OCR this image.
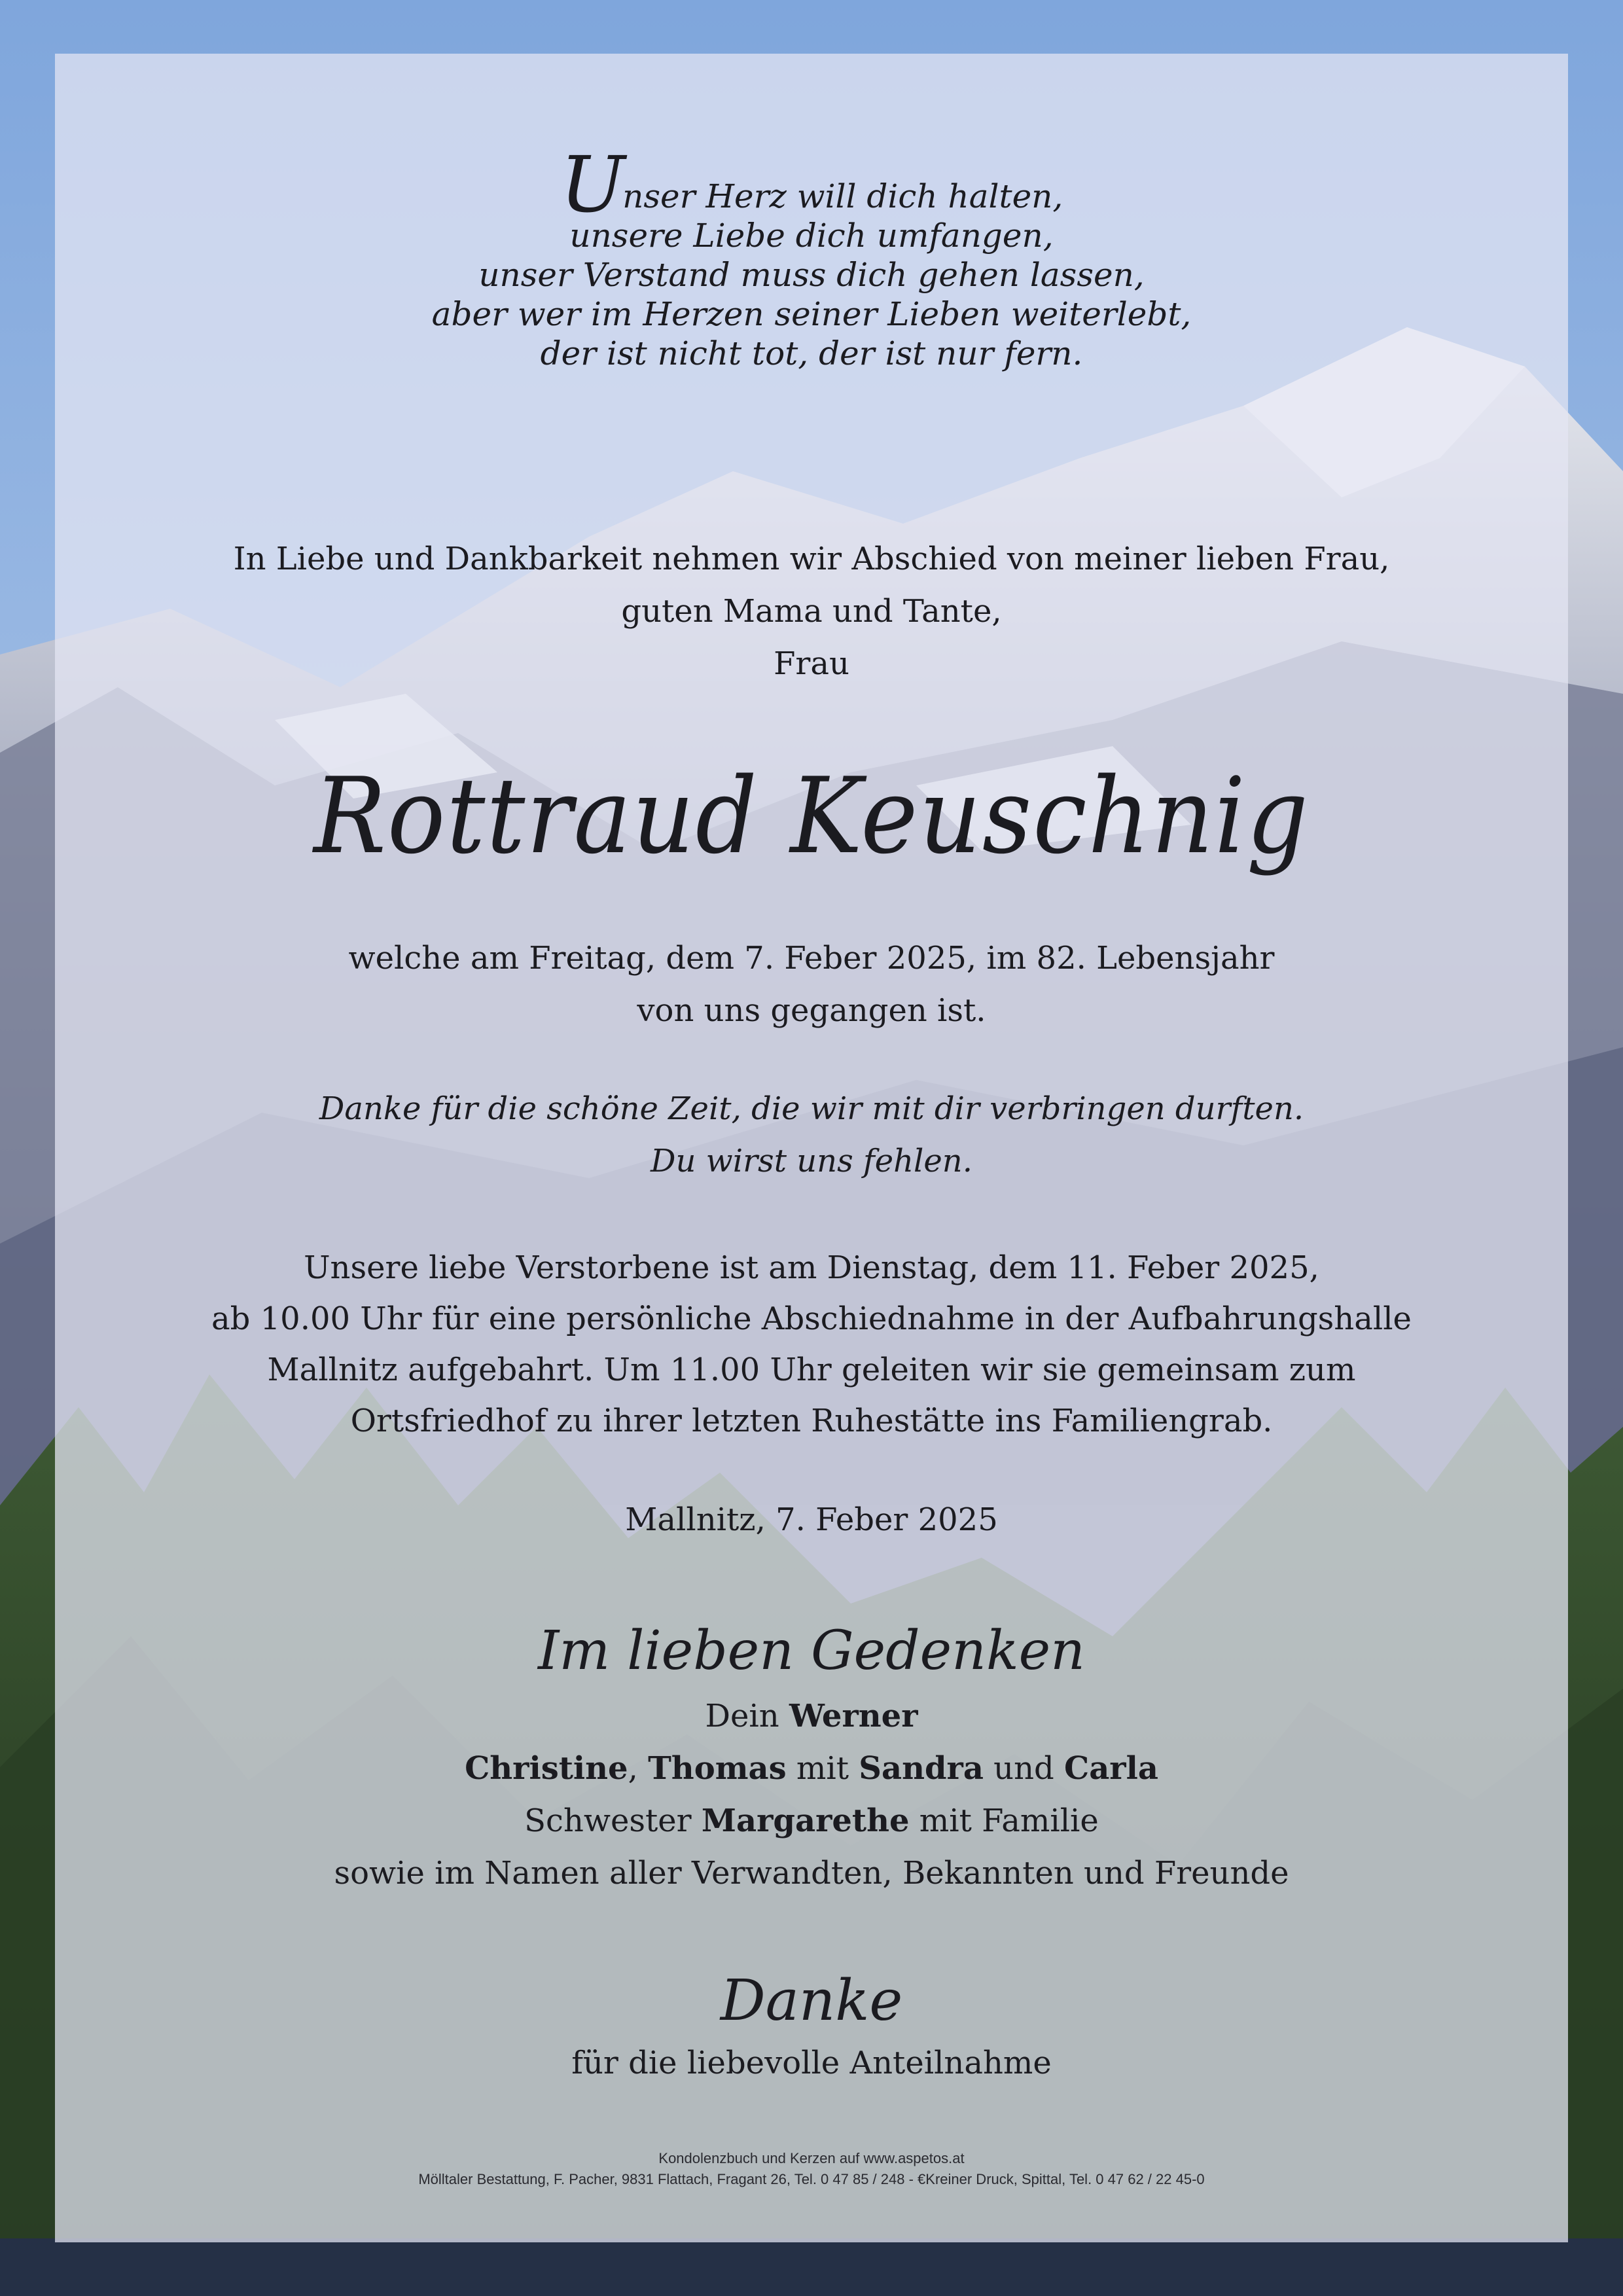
Unser Herz will dich halten,
unsere Liebe dich umfangen,
unser Verstand muss dich gehen lassen,
aber wer im Herzen seiner Lieben weiterlebt,
der ist nicht tot, der ist nur fern.
In Liebe und Dankbarkeit nehmen wir Abschied von meiner lieben Frau,
guten Mama und Tante,
Frau
Rottraud Keuschnig
welche am Freitag, dem 7. Feber 2025, im 82. Lebensjahr
von uns gegangen ist.
Danke für die schöne Zeit, die wir mit dir verbringen durften.
Du wirst uns fehlen.
Unsere liebe Verstorbene ist am Dienstag, dem 11. Feber 2025,
ab 10.00 Uhr für eine persönliche Abschiednahme in der Aufbahrungshalle
Mallnitz aufgebahrt. Um 11.00 Uhr geleiten wir sie gemeinsam zum
Ortsfriedhof zu ihrer letzten Ruhestätte ins Familiengrab.
Mallnitz, 7. Feber 2025
Im lieben Gedenken
Dein Werner
Christine, Thomas mit Sandra und Carla
Schwester Margarethe mit Familie
sowie im Namen aller Verwandten, Bekannten und Freunde
Danke
für die liebevolle Anteilnahme
Kondolenzbuch und Kerzen auf www.aspetos.at
Mölltaler Bestattung, F. Pacher, 9831 Flattach, Fragant 26, Tel. 0 47 85 / 248 - €Kreiner Druck, Spittal, Tel. 0 47 62 / 22 45-0
